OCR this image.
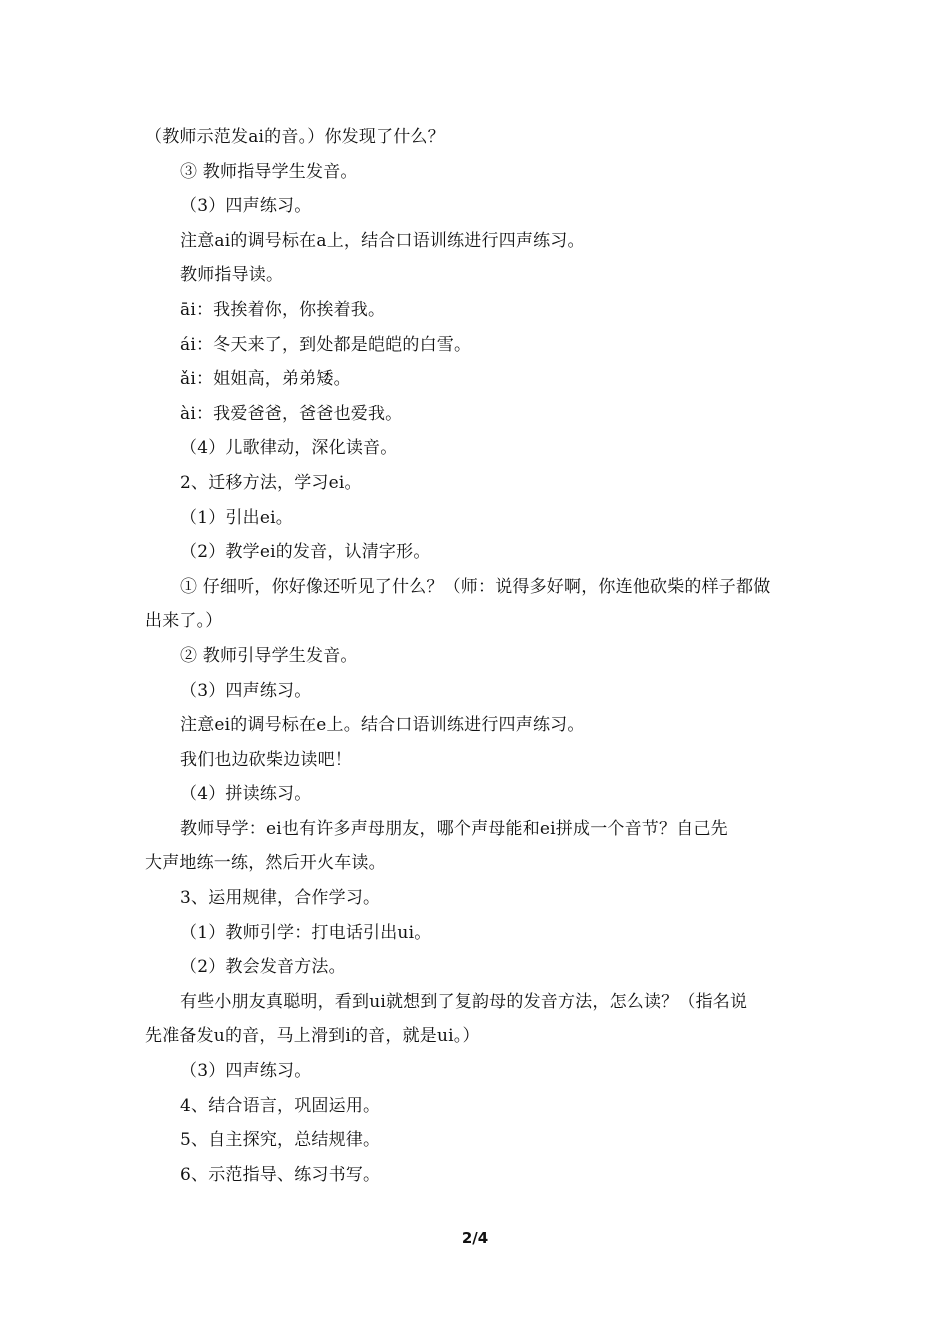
（教师示范发ai的音。）你发现了什么？
③ 教师指导学生发音。
（3）四声练习。
注意ai的调号标在a上，结合口语训练进行四声练习。
教师指导读。
āi：我挨着你，你挨着我。
ái：冬天来了，到处都是皑皑的白雪。
ǎi：姐姐高，弟弟矮。
ài：我爱爸爸，爸爸也爱我。
（4）儿歌律动，深化读音。
2、迁移方法，学习ei。
（1）引出ei。
（2）教学ei的发音，认清字形。
① 仔细听，你好像还听见了什么？（师：说得多好啊，你连他砍柴的样子都做
出来了。）
② 教师引导学生发音。
（3）四声练习。
注意ei的调号标在e上。结合口语训练进行四声练习。
我们也边砍柴边读吧！
（4）拼读练习。
教师导学：ei也有许多声母朋友，哪个声母能和ei拼成一个音节？自己先
大声地练一练，然后开火车读。
3、运用规律，合作学习。
（1）教师引学：打电话引出ui。
（2）教会发音方法。
有些小朋友真聪明，看到ui就想到了复韵母的发音方法，怎么读？（指名说
先准备发u的音，马上滑到i的音，就是ui。）
（3）四声练习。
4、结合语言，巩固运用。
5、自主探究，总结规律。
6、示范指导、练习书写。
2/4
